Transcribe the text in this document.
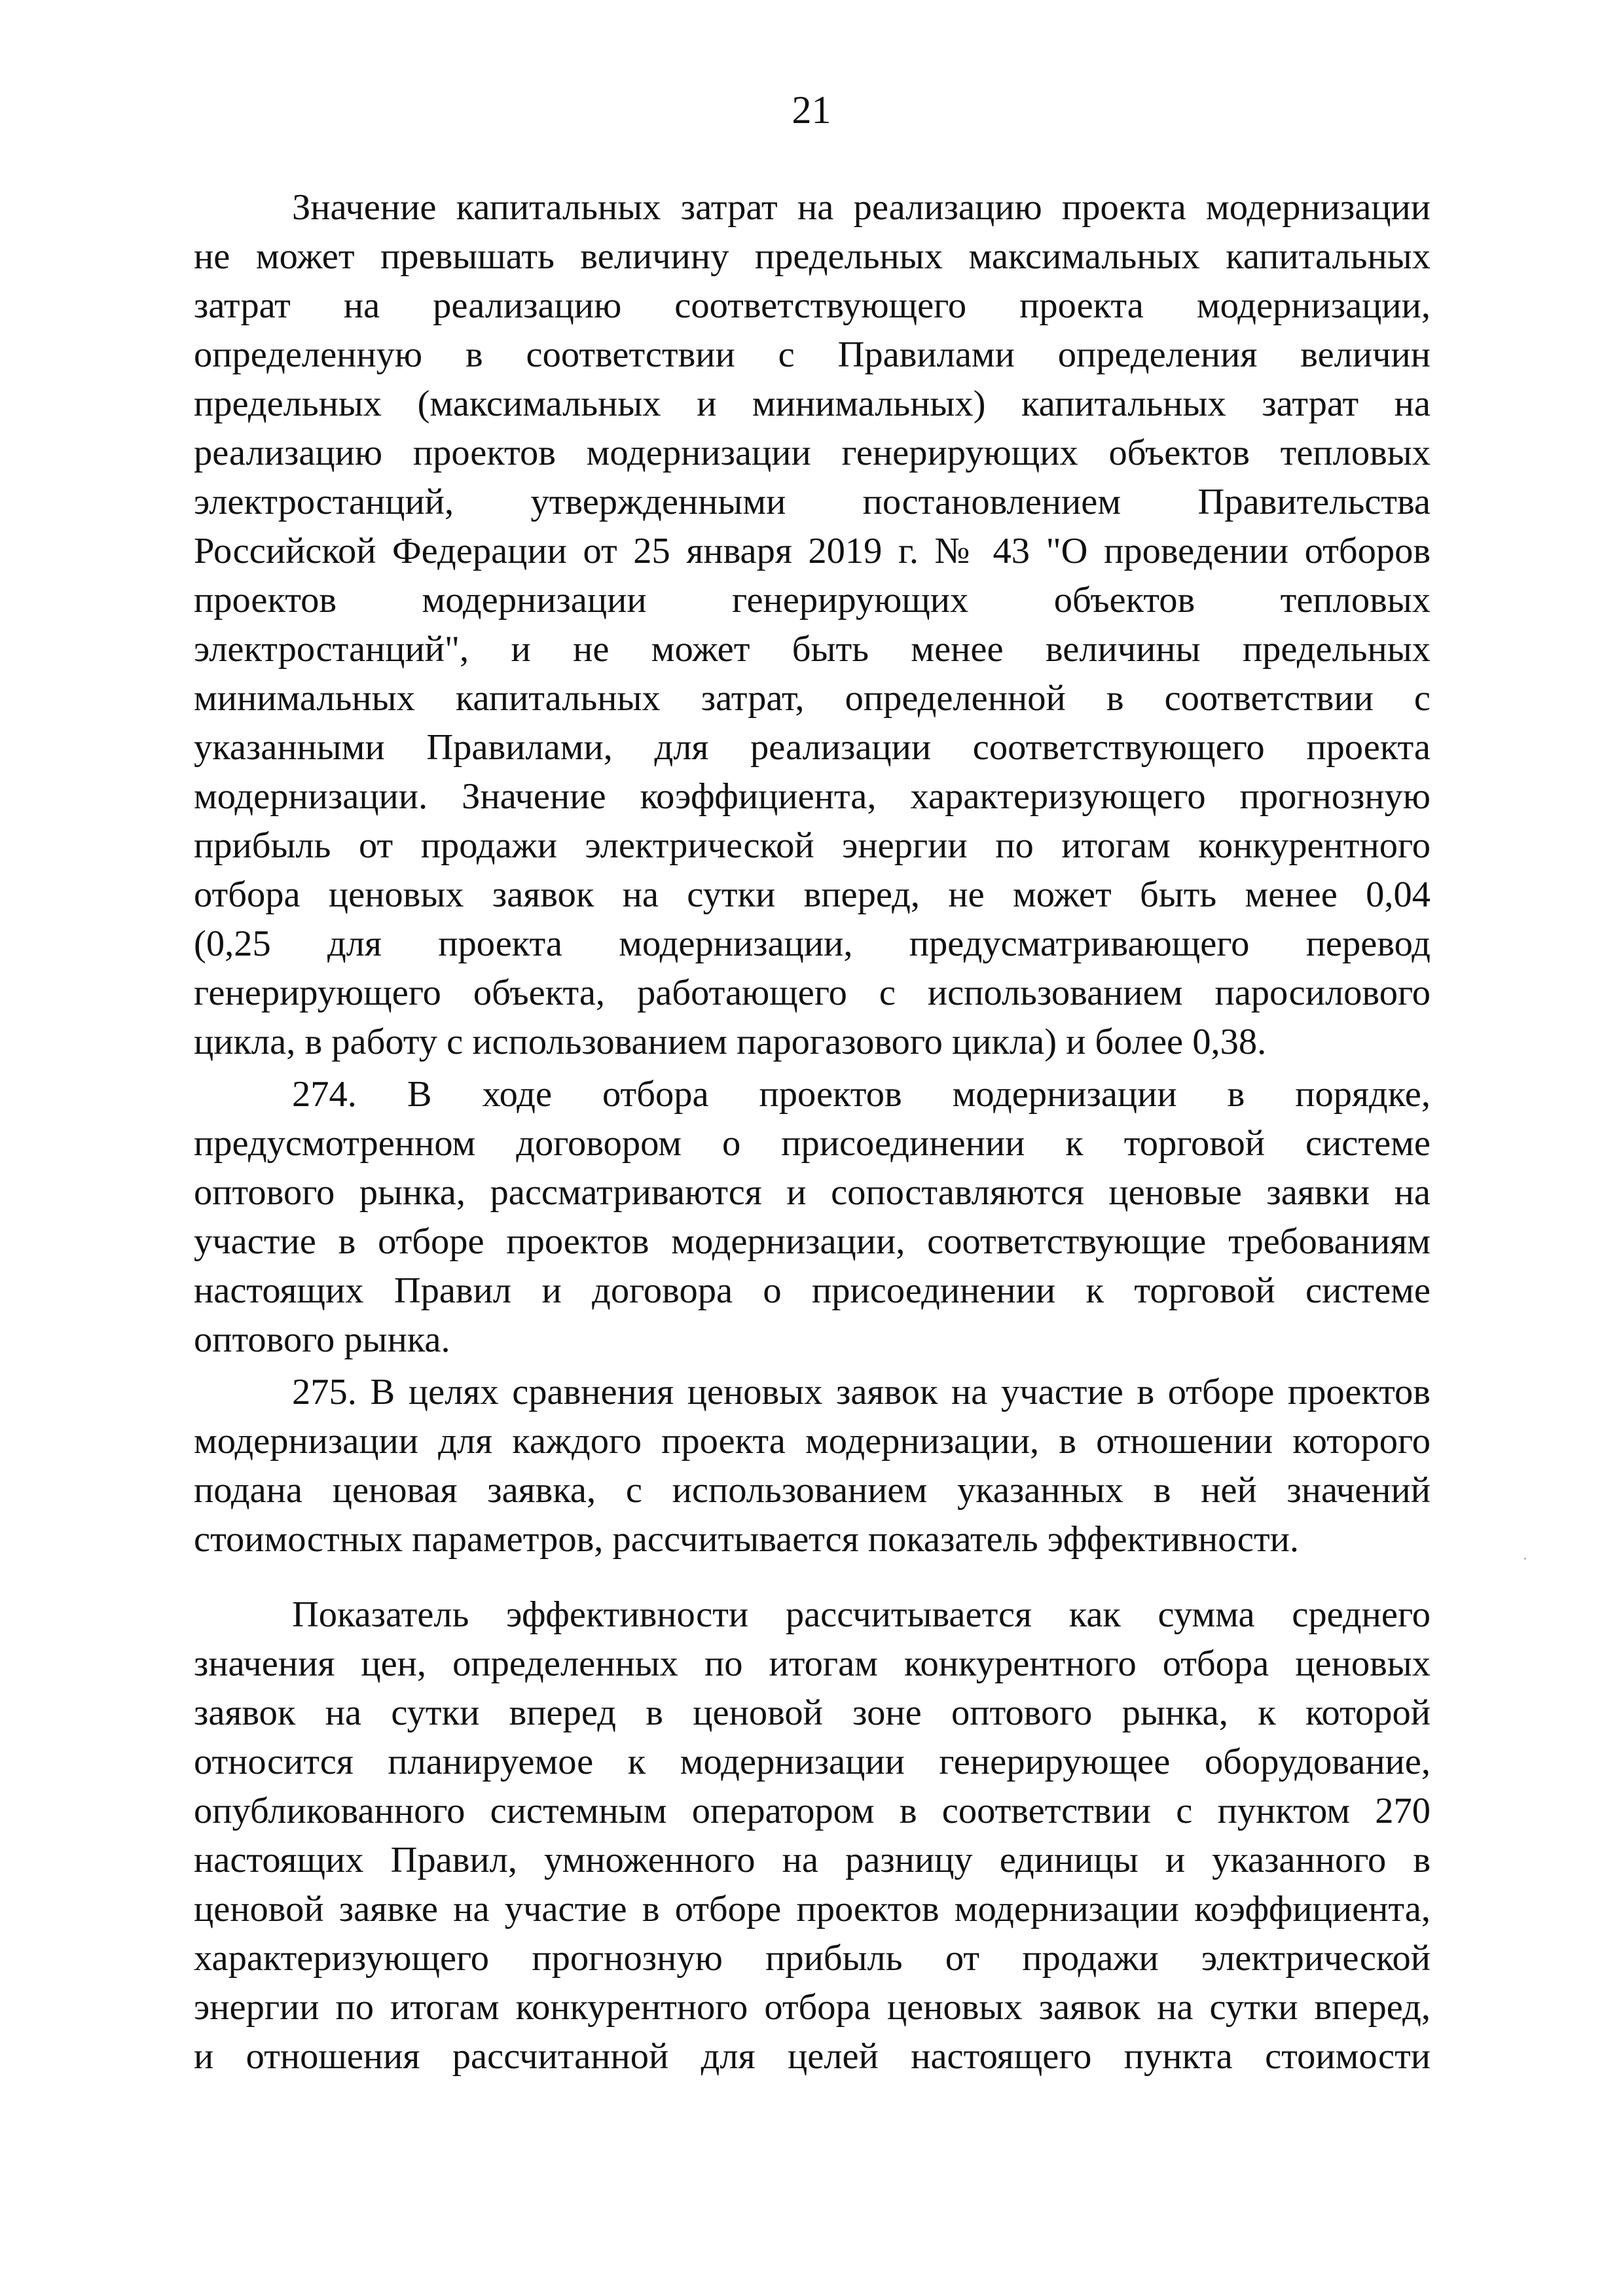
21

Значение капитальных затрат на реализацию проекта модернизации
не может превышать величину предельных максимальных капитальных
затрат на реализацию соответствующего проекта модернизации,
определенную в соответствии с Правилами определения величин
предельных (максимальных и минимальных) капитальных затрат на
реализацию проектов модернизации генерирующих объектов тепловых
электростанций, утвержденными постановлением Правительства
Российской Федерации от 25 января 2019 г. № 43 "О проведении отборов
проектов модернизации генерирующих объектов тепловых
электростанций", и не может быть менее величины предельных
минимальных капитальных затрат, определенной в соответствии с
указанными Правилами, для реализации соответствующего проекта
модернизации. Значение коэффициента, характеризующего прогнозную
прибыль от продажи электрической энергии по итогам конкурентного
отбора ценовых заявок на сутки вперед, не может быть менее 0,04
(0,25 для проекта модернизации, предусматривающего перевод
генерирующего объекта, работающего с использованием паросилового
цикла, в работу с использованием парогазового цикла) и более 0,38.

274. В ходе отбора проектов модернизации в порядке,
предусмотренном договором о присоединении к торговой системе
оптового рынка, рассматриваются и сопоставляются ценовые заявки на
участие в отборе проектов модернизации, соответствующие требованиям
настоящих Правил и договора о присоединении к торговой системе
оптового рынка.

275. В целях сравнения ценовых заявок на участие в отборе проектов
модернизации для каждого проекта модернизации, в отношении которого
подана ценовая заявка, с использованием указанных в ней значений
стоимостных параметров, рассчитывается показатель эффективности.

Показатель эффективности рассчитывается как сумма среднего
значения цен, определенных по итогам конкурентного отбора ценовых
заявок на сутки вперед в ценовой зоне оптового рынка, к которой
относится планируемое к модернизации генерирующее оборудование,
опубликованного системным оператором в соответствии с пунктом 270
настоящих Правил, умноженного на разницу единицы и указанного в
ценовой заявке на участие в отборе проектов модернизации коэффициента,
характеризующего прогнозную прибыль от продажи электрической
энергии по итогам конкурентного отбора ценовых заявок на сутки вперед,
и отношения рассчитанной для целей настоящего пункта стоимости
